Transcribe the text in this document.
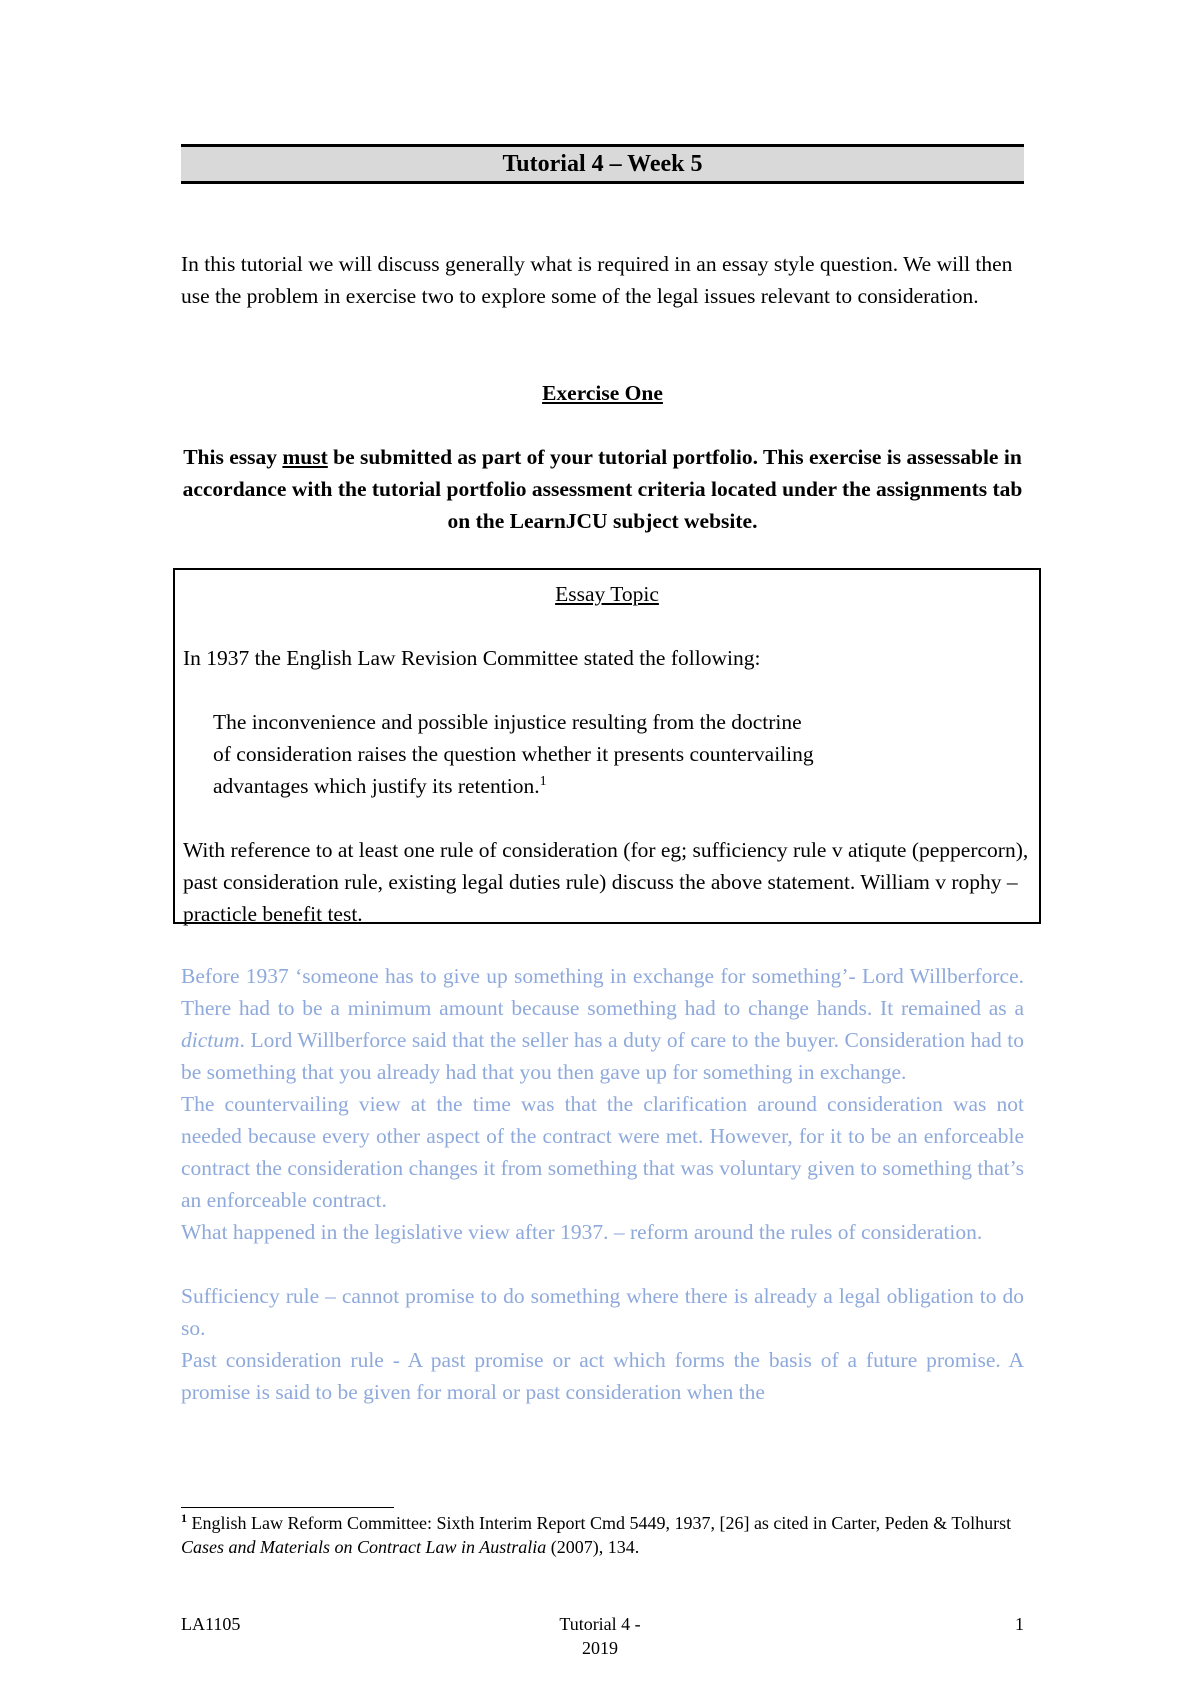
Tutorial 4 – Week 5

In this tutorial we will discuss generally what is required in an essay style question. We will then use the problem in exercise two to explore some of the legal issues relevant to consideration.

Exercise One
This essay must be submitted as part of your tutorial portfolio. This exercise is assessable in accordance with the tutorial portfolio assessment criteria located under the assignments tab on the LearnJCU subject website.
Essay Topic
In 1937 the English Law Revision Committee stated the following:
The inconvenience and possible injustice resulting from the doctrine
of consideration raises the question whether it presents countervailing
advantages which justify its retention.$^1$
With reference to at least one rule of consideration (for eg; sufficiency rule v atiqute (peppercorn), past consideration rule, existing legal duties rule) discuss the above statement. William v rophy – practicle benefit test.

Before 1937 ‘someone has to give up something in exchange for something’- Lord Willberforce. There had to be a minimum amount because something had to change hands. It remained as a dictum. Lord Willberforce said that the seller has a duty of care to the buyer. Consideration had to be something that you already had that you then gave up for something in exchange.

The countervailing view at the time was that the clarification around consideration was not needed because every other aspect of the contract were met. However, for it to be an enforceable contract the consideration changes it from something that was voluntary given to something that’s an enforceable contract.

What happened in the legislative view after 1937. – reform around the rules of consideration.

Sufficiency rule – cannot promise to do something where there is already a legal obligation to do so.

Past consideration rule - A past promise or act which forms the basis of a future promise. A promise is said to be given for moral or past consideration when the

$^1$ English Law Reform Committee: Sixth Interim Report Cmd 5449, 1937, [26] as cited in Carter, Peden & Tolhurst Cases and Materials on Contract Law in Australia (2007), 134.
LA1105	Tutorial 4 - 2019
1
